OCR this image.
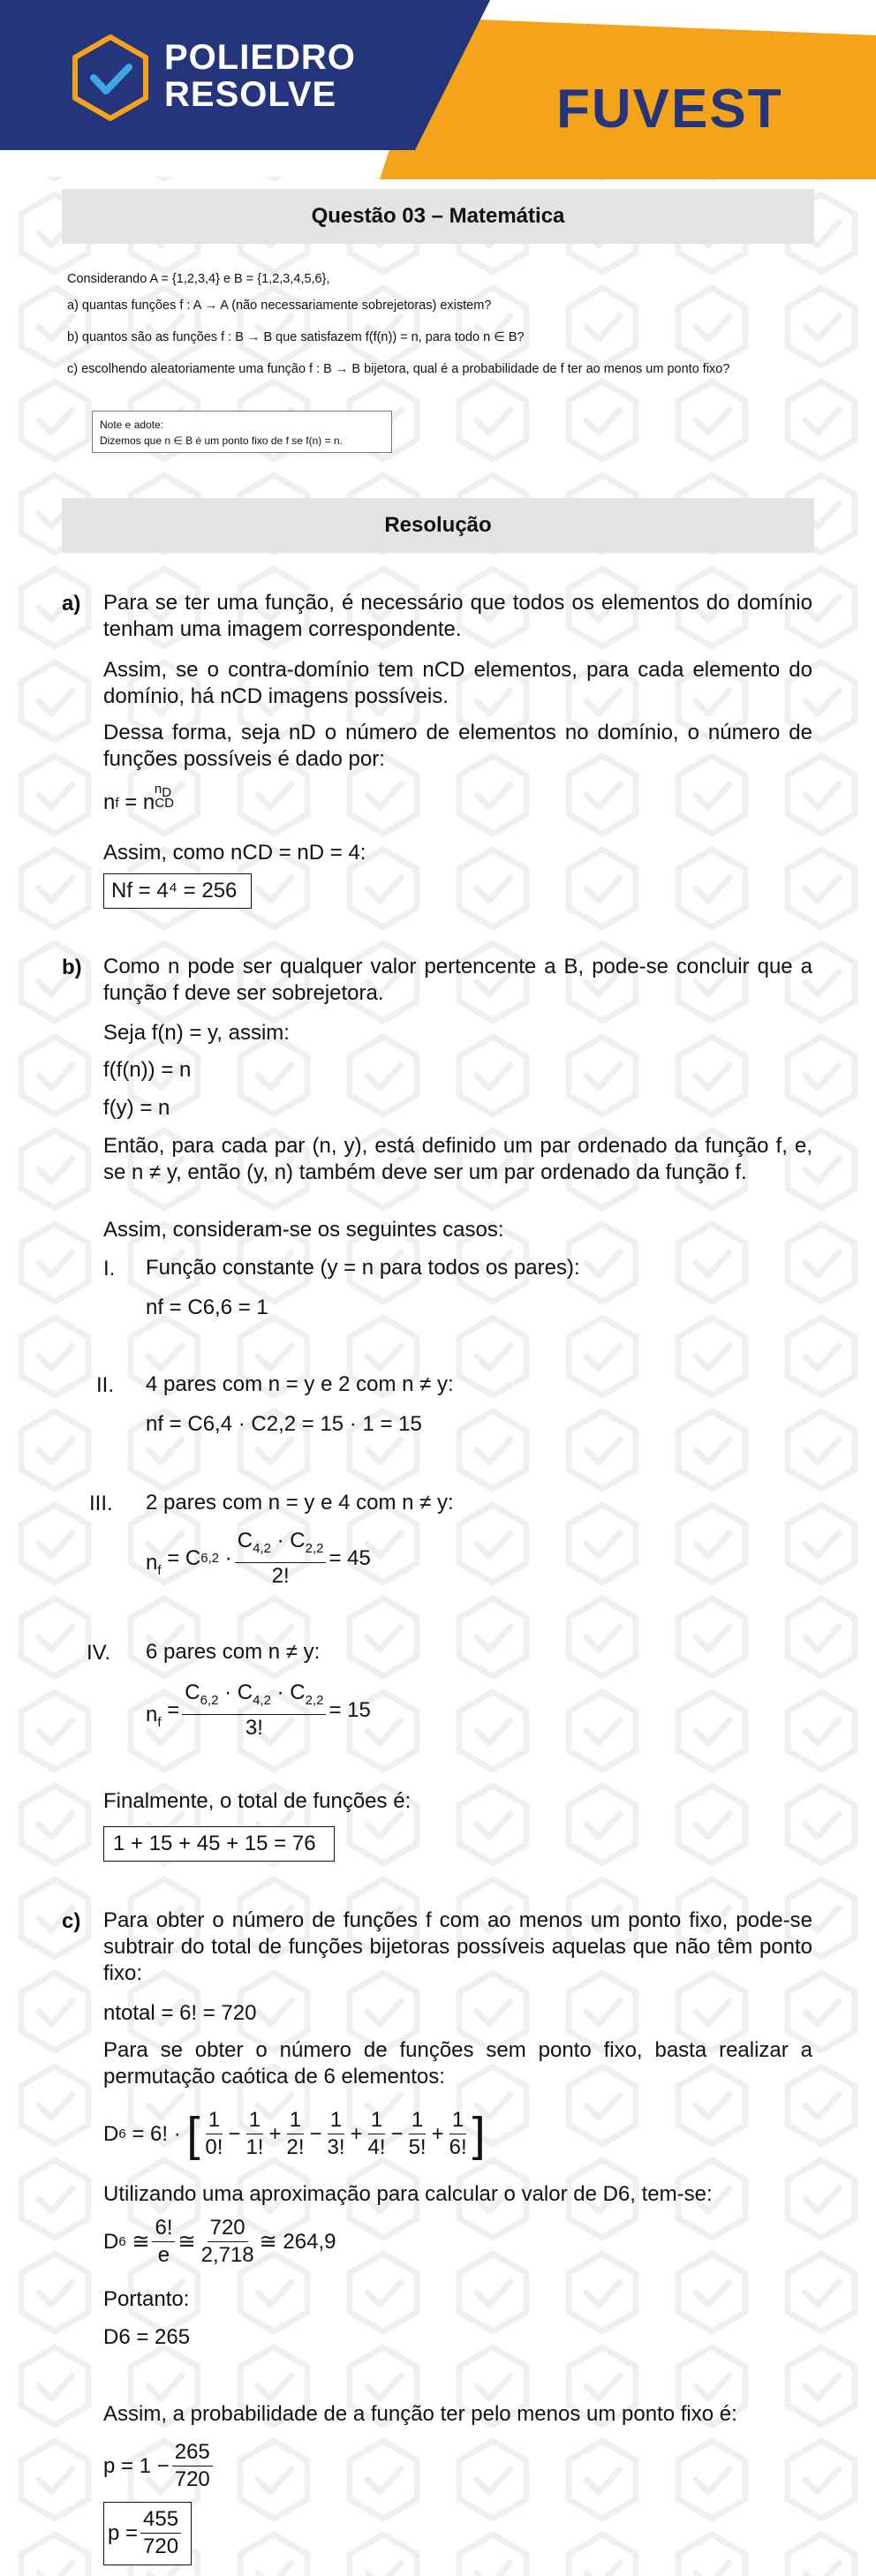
POLIEDRO
RESOLVE	FUVEST
Questão 03 – Matemática
Considerando A = {1,2,3,4} e B = {1,2,3,4,5,6},
a) quantas funções f : A → A (não necessariamente sobrejetoras) existem?
b) quantos são as funções f : B → B que satisfazem f(f(n)) = n, para todo n ∈ B?
c) escolhendo aleatoriamente uma função f : B → B bijetora, qual é a probabilidade de f ter ao menos um ponto fixo?
Note e adote:
Dizemos que n ∈ B é um ponto fixo de f se f(n) = n.
Resolução
a) Para se ter uma função, é necessário que todos os elementos do domínio tenham uma imagem correspondente.
Assim, se o contra-domínio tem nCD elementos, para cada elemento do domínio, há nCD imagens possíveis.
Dessa forma, seja nD o número de elementos no domínio, o número de funções possíveis é dado por:
n f = n CD
$^{n_D}$
Assim, como nCD = nD = 4:
Nf = 4⁴ = 256
b) Como n pode ser qualquer valor pertencente a B, pode-se concluir que a função f deve ser sobrejetora.
Seja f(n) = y, assim:
f(f(n)) = n
f(y) = n
Então, para cada par (n, y), está definido um par ordenado da função f, e, se n ≠ y, então (y, n) também deve ser um par ordenado da função f.
Assim, consideram-se os seguintes casos:
I. Função constante (y = n para todos os pares):
nf = C6,6 = 1
II. 4 pares com n = y e 2 com n ≠ y:
nf = C6,4 · C2,2 = 15 · 1 = 15
III. 2 pares com n = y e 4 com n ≠ y:
$n_f = C^{6,2} \cdot \frac{C_{4,2} \cdot C_{2,2}}{2!} = 45$
IV. 6 pares com n ≠ y:
$n_f = \frac{C_{6,2} \cdot C_{4,2} \cdot C_{2,2}}{3!} = 15$
Finalmente, o total de funções é:
1 + 15 + 45 + 15 = 76
c) Para obter o número de funções f com ao menos um ponto fixo, pode-se subtrair do total de funções bijetoras possíveis aquelas que não têm ponto fixo:
ntotal = 6! = 720
Para se obter o número de funções sem ponto fixo, basta realizar a permutação caótica de 6 elementos:
D 6 = 6! · [ $\frac{1}{0!} - \frac{1}{1!} + \frac{1}{2!} - \frac{1}{3!} + \frac{1}{4!} - \frac{1}{5!} + \frac{1}{6!}$ ]
Utilizando uma aproximação para calcular o valor de D6, tem-se:
D 6 ≅ $\frac{6!}{e}$ ≅ $\frac{720}{2,718}$ ≅ 264,9
Portanto:
D6 = 265
Assim, a probabilidade de a função ter pelo menos um ponto fixo é:
$p = 1 - \frac{265}{720}$
$p = \frac{455}{720}$
